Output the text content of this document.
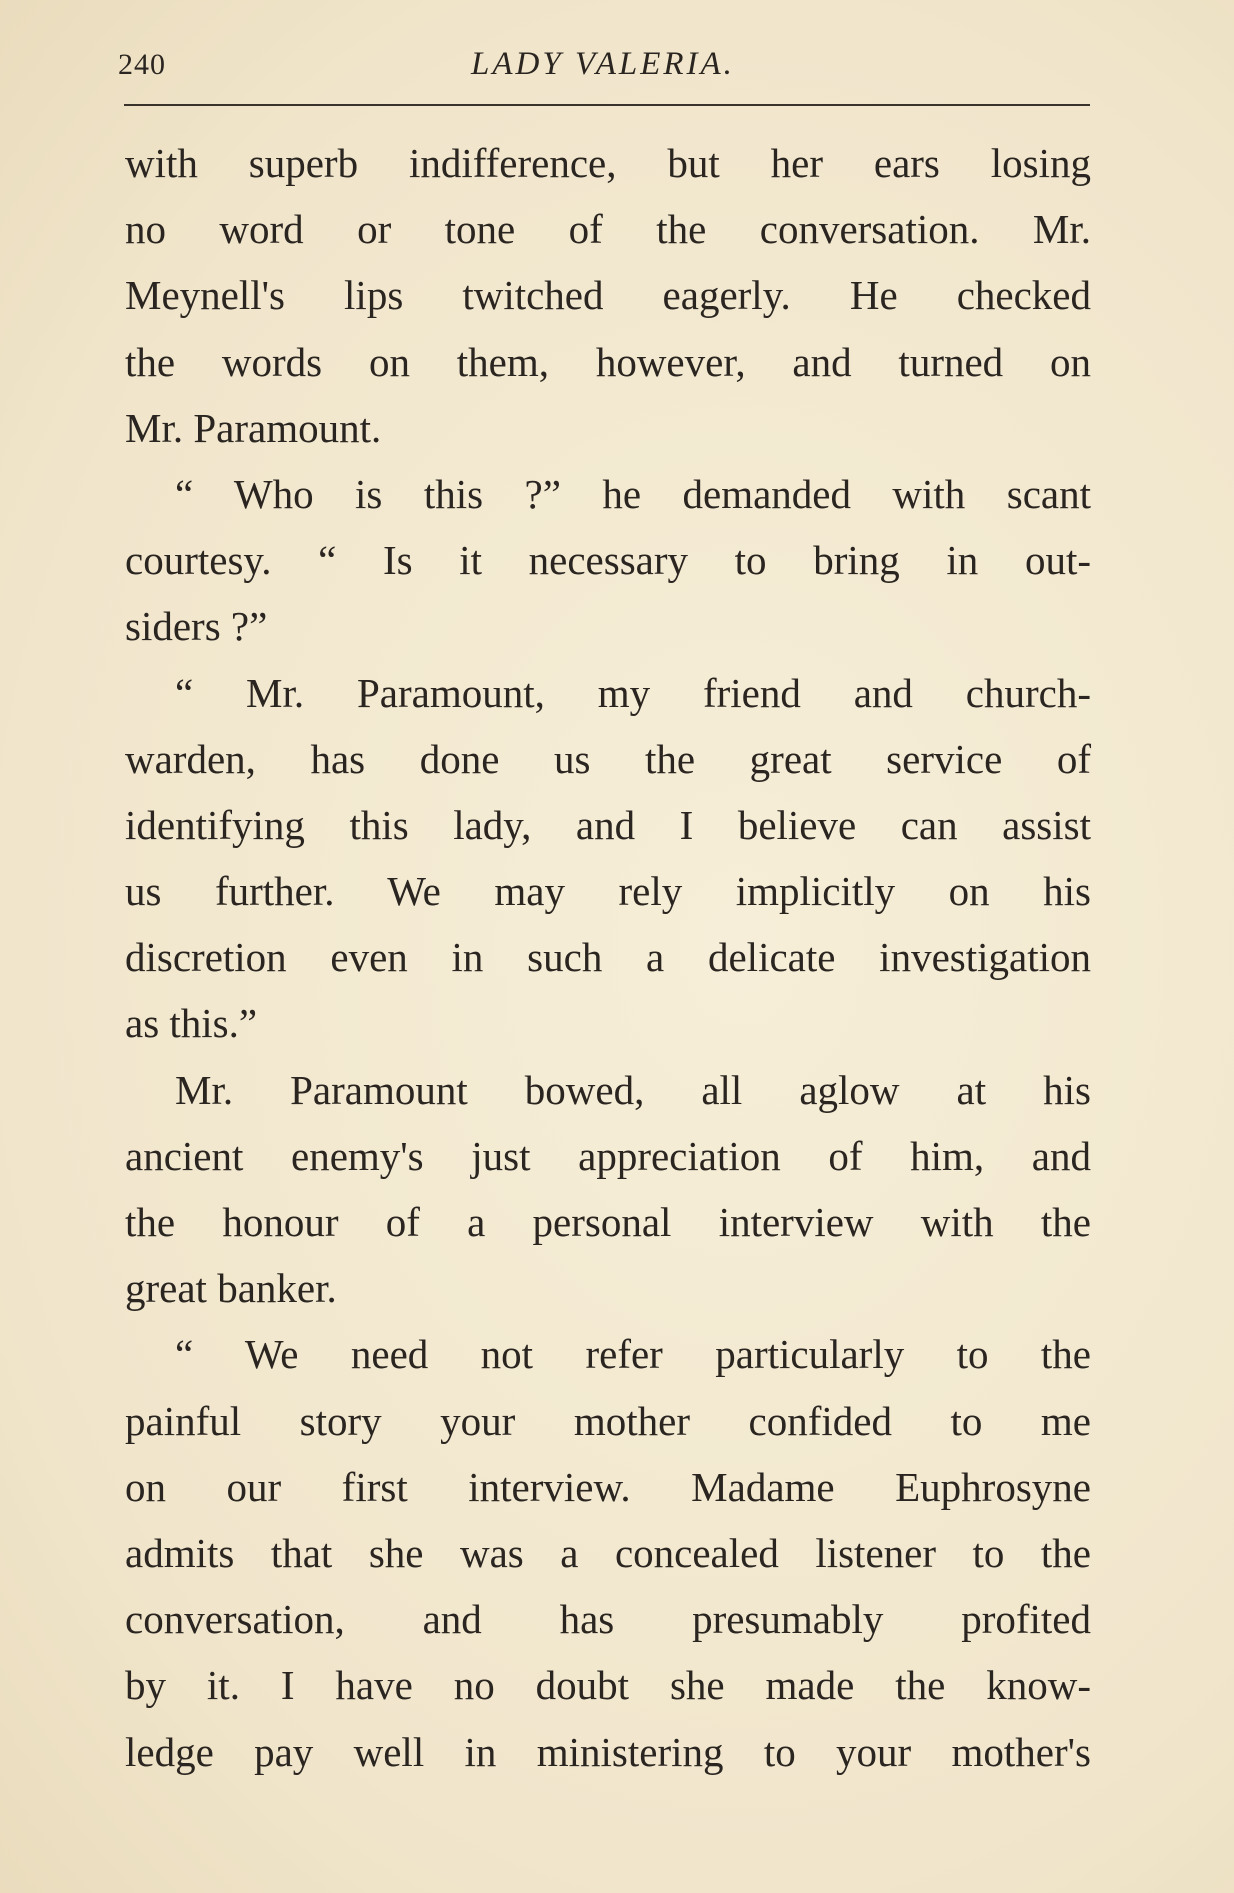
240	LADY VALERIA.
with superb indifference, but her ears losing
no word or tone of the conversation. Mr.
Meynell's lips twitched eagerly. He checked
the words on them, however, and turned on
Mr. Paramount.
“ Who is this ?” he demanded with scant
courtesy. “ Is it necessary to bring in out-
siders ?”
“ Mr. Paramount, my friend and church-
warden, has done us the great service of
identifying this lady, and I believe can assist
us further. We may rely implicitly on his
discretion even in such a delicate investigation
as this.”
Mr. Paramount bowed, all aglow at his
ancient enemy's just appreciation of him, and
the honour of a personal interview with the
great banker.
“ We need not refer particularly to the
painful story your mother confided to me
on our first interview. Madame Euphrosyne
admits that she was a concealed listener to the
conversation, and has presumably profited
by it. I have no doubt she made the know-
ledge pay well in ministering to your mother's
